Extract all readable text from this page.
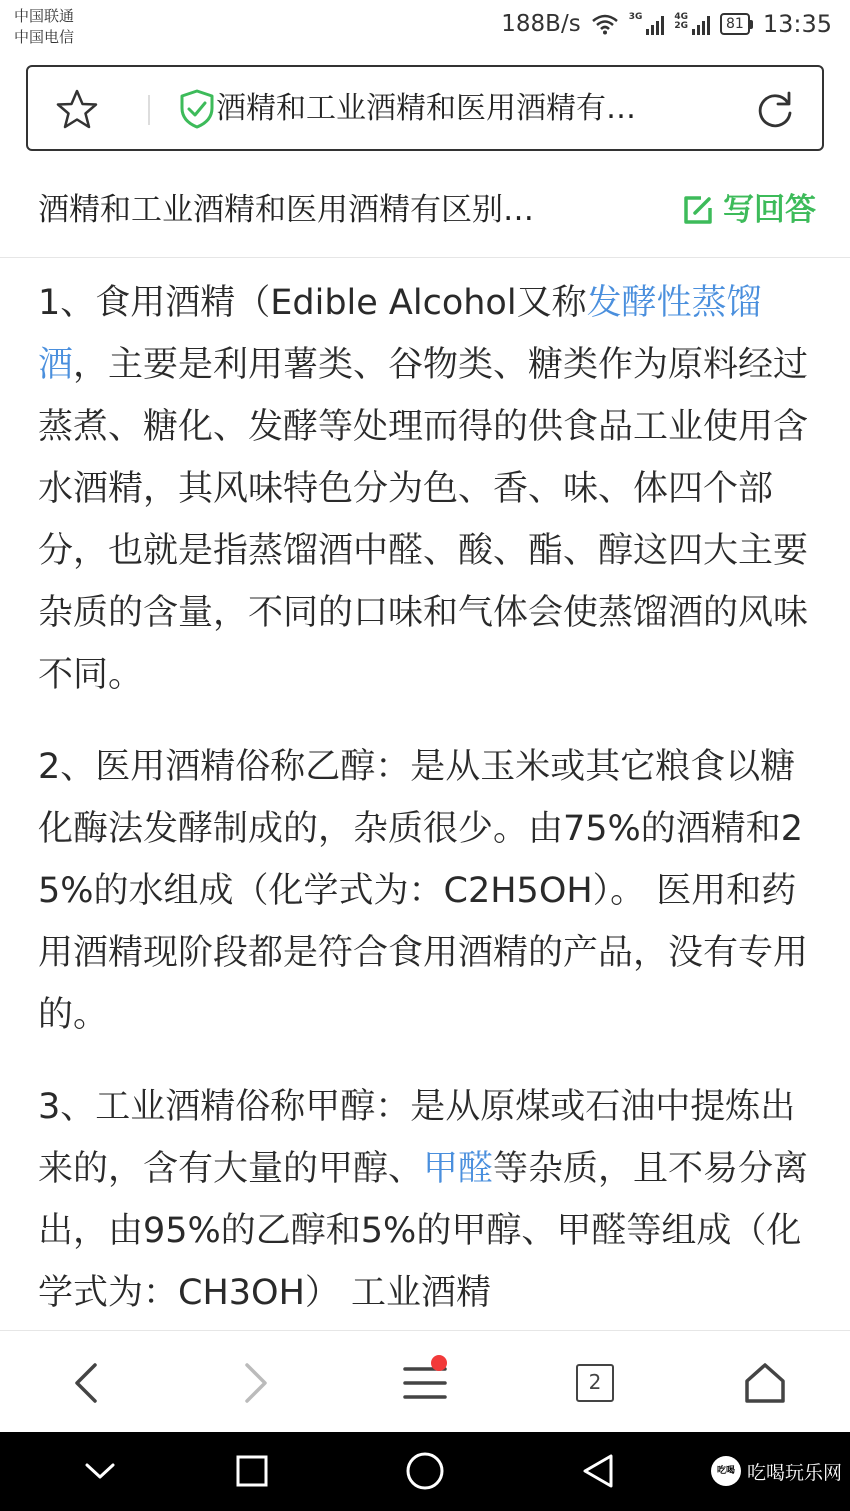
中国联通
中国电信	188B/s	3G	4G
2G	81 13:35
酒精和工业酒精和医用酒精有…
酒精和工业酒精和医用酒精有区别…	写回答

1、食用酒精（Edible Alcohol又称发酵性蒸馏酒，主要是利用薯类、谷物类、糖类作为原料经过蒸煮、糖化、发酵等处理而得的供食品工业使用含水酒精，其风味特色分为色、香、味、体四个部分，也就是指蒸馏酒中醛、酸、酯、醇这四大主要杂质的含量，不同的口味和气体会使蒸馏酒的风味不同。

2、医用酒精俗称乙醇：是从玉米或其它粮食以糖化酶法发酵制成的，杂质很少。由75%的酒精和25%的水组成（化学式为：C2H5OH）。 医用和药用酒精现阶段都是符合食用酒精的产品，没有专用的。

3、工业酒精俗称甲醇：是从原煤或石油中提炼出来的，含有大量的甲醇、甲醛等杂质，且不易分离出，由95%的乙醇和5%的甲醇、甲醛等组成（化学式为：CH3OH） 工业酒精

2
吃喝 吃喝玩乐网
